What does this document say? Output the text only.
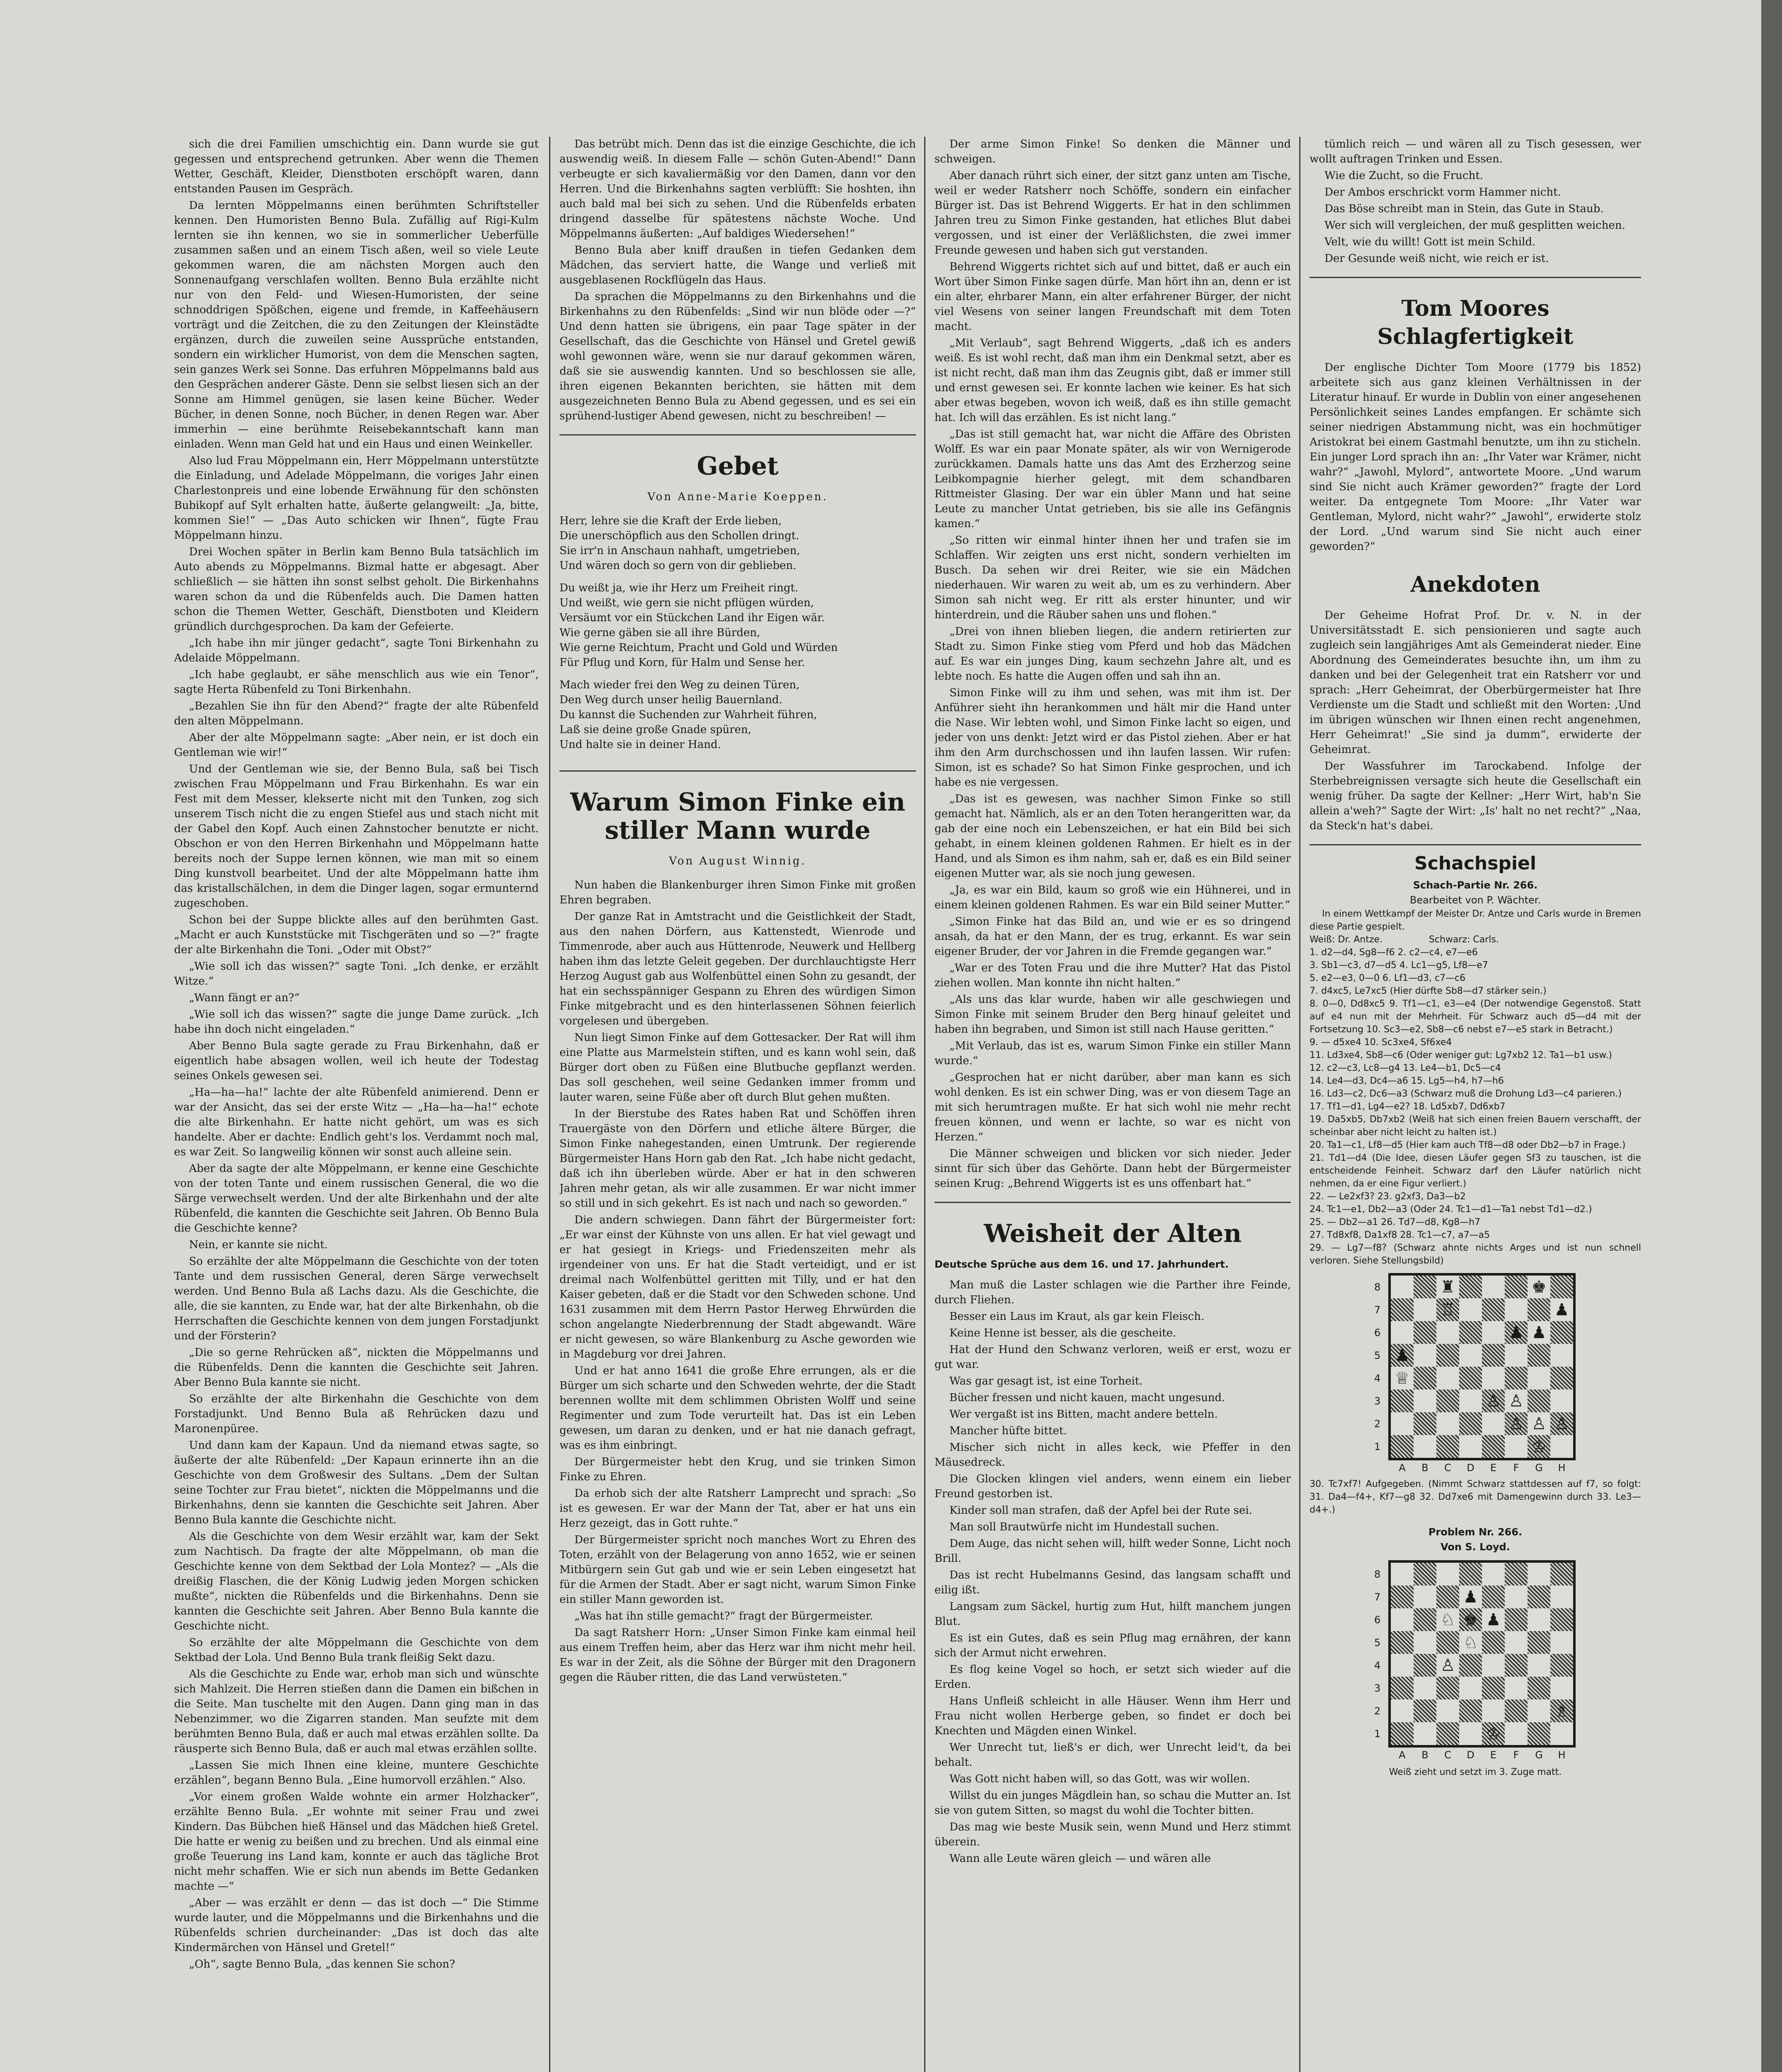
sich die drei Familien umschichtig ein. Dann wurde sie gut gegessen und entsprechend getrunken. Aber wenn die Themen Wetter, Geschäft, Kleider, Dienstboten erschöpft waren, dann entstanden Pausen im Gespräch.

Da lernten Möppelmanns einen berühmten Schriftsteller kennen. Den Humoristen Benno Bula. Zufällig auf Rigi-Kulm lernten sie ihn kennen, wo sie in sommerlicher Ueberfülle zusammen saßen und an einem Tisch aßen, weil so viele Leute gekommen waren, die am nächsten Morgen auch den Sonnenaufgang verschlafen wollten. Benno Bula erzählte nicht nur von den Feld- und Wiesen-Humoristen, der seine schnoddrigen Spößchen, eigene und fremde, in Kaffeehäusern vorträgt und die Zeitchen, die zu den Zeitungen der Kleinstädte ergänzen, durch die zuweilen seine Aussprüche entstanden, sondern ein wirklicher Humorist, von dem die Menschen sagten, sein ganzes Werk sei Sonne. Das erfuhren Möppelmanns bald aus den Gesprächen anderer Gäste. Denn sie selbst liesen sich an der Sonne am Himmel genügen, sie lasen keine Bücher. Weder Bücher, in denen Sonne, noch Bücher, in denen Regen war. Aber immerhin — eine berühmte Reisebekanntschaft kann man einladen. Wenn man Geld hat und ein Haus und einen Weinkeller.

Also lud Frau Möppelmann ein, Herr Möppelmann unterstützte die Einladung, und Adelade Möppelmann, die voriges Jahr einen Charlestonpreis und eine lobende Erwähnung für den schönsten Bubikopf auf Sylt erhalten hatte, äußerte gelangweilt: „Ja, bitte, kommen Sie!“ — „Das Auto schicken wir Ihnen“, fügte Frau Möppelmann hinzu.

Drei Wochen später in Berlin kam Benno Bula tatsächlich im Auto abends zu Möppelmanns. Bizmal hatte er abgesagt. Aber schließlich — sie hätten ihn sonst selbst geholt. Die Birkenhahns waren schon da und die Rübenfelds auch. Die Damen hatten schon die Themen Wetter, Geschäft, Dienstboten und Kleidern gründlich durchgesprochen. Da kam der Gefeierte.

„Ich habe ihn mir jünger gedacht“, sagte Toni Birkenhahn zu Adelaide Möppelmann.

„Ich habe geglaubt, er sähe menschlich aus wie ein Tenor“, sagte Herta Rübenfeld zu Toni Birkenhahn.

„Bezahlen Sie ihn für den Abend?“ fragte der alte Rübenfeld den alten Möppelmann.

Aber der alte Möppelmann sagte: „Aber nein, er ist doch ein Gentleman wie wir!“

Und der Gentleman wie sie, der Benno Bula, saß bei Tisch zwischen Frau Möppelmann und Frau Birkenhahn. Es war ein Fest mit dem Messer, klekserte nicht mit den Tunken, zog sich unserem Tisch nicht die zu engen Stiefel aus und stach nicht mit der Gabel den Kopf. Auch einen Zahnstocher benutzte er nicht. Obschon er von den Herren Birkenhahn und Möppelmann hatte bereits noch der Suppe lernen können, wie man mit so einem Ding kunstvoll bearbeitet. Und der alte Möppelmann hatte ihm das kristallschälchen, in dem die Dinger lagen, sogar ermunternd zugeschoben.

Schon bei der Suppe blickte alles auf den berühmten Gast. „Macht er auch Kunststücke mit Tischgeräten und so —?“ fragte der alte Birkenhahn die Toni. „Oder mit Obst?“

„Wie soll ich das wissen?“ sagte Toni. „Ich denke, er erzählt Witze.“

„Wann fängt er an?“

„Wie soll ich das wissen?“ sagte die junge Dame zurück. „Ich habe ihn doch nicht eingeladen.“

Aber Benno Bula sagte gerade zu Frau Birkenhahn, daß er eigentlich habe absagen wollen, weil ich heute der Todestag seines Onkels gewesen sei.

„Ha—ha—ha!“ lachte der alte Rübenfeld animierend. Denn er war der Ansicht, das sei der erste Witz — „Ha—ha—ha!“ echote die alte Birkenhahn. Er hatte nicht gehört, um was es sich handelte. Aber er dachte: Endlich geht's los. Verdammt noch mal, es war Zeit. So langweilig können wir sonst auch alleine sein.

Aber da sagte der alte Möppelmann, er kenne eine Geschichte von der toten Tante und einem russischen General, die wo die Särge verwechselt werden. Und der alte Birkenhahn und der alte Rübenfeld, die kannten die Geschichte seit Jahren. Ob Benno Bula die Geschichte kenne?

Nein, er kannte sie nicht.

So erzählte der alte Möppelmann die Geschichte von der toten Tante und dem russischen General, deren Särge verwechselt werden. Und Benno Bula aß Lachs dazu. Als die Geschichte, die alle, die sie kannten, zu Ende war, hat der alte Birkenhahn, ob die Herrschaften die Geschichte kennen von dem jungen Forstadjunkt und der Försterin?

„Die so gerne Rehrücken aß“, nickten die Möppelmanns und die Rübenfelds. Denn die kannten die Geschichte seit Jahren. Aber Benno Bula kannte sie nicht.

So erzählte der alte Birkenhahn die Geschichte von dem Forstadjunkt. Und Benno Bula aß Rehrücken dazu und Maronenpüree.

Und dann kam der Kapaun. Und da niemand etwas sagte, so äußerte der alte Rübenfeld: „Der Kapaun erinnerte ihn an die Geschichte von dem Großwesir des Sultans. „Dem der Sultan seine Tochter zur Frau bietet“, nickten die Möppelmanns und die Birkenhahns, denn sie kannten die Geschichte seit Jahren. Aber Benno Bula kannte die Geschichte nicht.

Als die Geschichte von dem Wesir erzählt war, kam der Sekt zum Nachtisch. Da fragte der alte Möppelmann, ob man die Geschichte kenne von dem Sektbad der Lola Montez? — „Als die dreißig Flaschen, die der König Ludwig jeden Morgen schicken mußte“, nickten die Rübenfelds und die Birkenhahns. Denn sie kannten die Geschichte seit Jahren. Aber Benno Bula kannte die Geschichte nicht.

So erzählte der alte Möppelmann die Geschichte von dem Sektbad der Lola. Und Benno Bula trank fleißig Sekt dazu.

Als die Geschichte zu Ende war, erhob man sich und wünschte sich Mahlzeit. Die Herren stießen dann die Damen ein bißchen in die Seite. Man tuschelte mit den Augen. Dann ging man in das Nebenzimmer, wo die Zigarren standen. Man seufzte mit dem berühmten Benno Bula, daß er auch mal etwas erzählen sollte. Da räusperte sich Benno Bula, daß er auch mal etwas erzählen sollte.

„Lassen Sie mich Ihnen eine kleine, muntere Geschichte erzählen“, begann Benno Bula. „Eine humorvoll erzählen.“ Also.

„Vor einem großen Walde wohnte ein armer Holzhacker“, erzählte Benno Bula. „Er wohnte mit seiner Frau und zwei Kindern. Das Bübchen hieß Hänsel und das Mädchen hieß Gretel. Die hatte er wenig zu beißen und zu brechen. Und als einmal eine große Teuerung ins Land kam, konnte er auch das tägliche Brot nicht mehr schaffen. Wie er sich nun abends im Bette Gedanken machte —“

„Aber — was erzählt er denn — das ist doch —“ Die Stimme wurde lauter, und die Möppelmanns und die Birkenhahns und die Rübenfelds schrien durcheinander: „Das ist doch das alte Kindermärchen von Hänsel und Gretel!“

„Oh“, sagte Benno Bula, „das kennen Sie schon?

Das betrübt mich. Denn das ist die einzige Geschichte, die ich auswendig weiß. In diesem Falle — schön Guten-Abend!“ Dann verbeugte er sich kavaliermäßig vor den Damen, dann vor den Herren. Und die Birkenhahns sagten verblüfft: Sie hoshten, ihn auch bald mal bei sich zu sehen. Und die Rübenfelds erbaten dringend dasselbe für spätestens nächste Woche. Und Möppelmanns äußerten: „Auf baldiges Wiedersehen!“

Benno Bula aber kniff draußen in tiefen Gedanken dem Mädchen, das serviert hatte, die Wange und verließ mit ausgeblasenen Rockflügeln das Haus.

Da sprachen die Möppelmanns zu den Birkenhahns und die Birkenhahns zu den Rübenfelds: „Sind wir nun blöde oder —?“ Und denn hatten sie übrigens, ein paar Tage später in der Gesellschaft, das die Geschichte von Hänsel und Gretel gewiß wohl gewonnen wäre, wenn sie nur darauf gekommen wären, daß sie sie auswendig kannten. Und so beschlossen sie alle, ihren eigenen Bekannten berichten, sie hätten mit dem ausgezeichneten Benno Bula zu Abend gegessen, und es sei ein sprühend-lustiger Abend gewesen, nicht zu beschreiben! —

Gebet
Von Anne-Marie Koeppen.

Herr, lehre sie die Kraft der Erde lieben,

Die unerschöpflich aus den Schollen dringt.

Sie irr'n in Anschaun nahhaft, umgetrieben,

Und wären doch so gern von dir geblieben.

Du weißt ja, wie ihr Herz um Freiheit ringt.

Und weißt, wie gern sie nicht pflügen würden,

Versäumt vor ein Stückchen Land ihr Eigen wär.

Wie gerne gäben sie all ihre Bürden,

Wie gerne Reichtum, Pracht und Gold und Würden

Für Pflug und Korn, für Halm und Sense her.

Mach wieder frei den Weg zu deinen Türen,

Den Weg durch unser heilig Bauernland.

Du kannst die Suchenden zur Wahrheit führen,

Laß sie deine große Gnade spüren,

Und halte sie in deiner Hand.

Warum Simon Finke ein stiller Mann wurde
Von August Winnig.

Nun haben die Blankenburger ihren Simon Finke mit großen Ehren begraben.

Der ganze Rat in Amtstracht und die Geistlichkeit der Stadt, aus den nahen Dörfern, aus Kattenstedt, Wienrode und Timmenrode, aber auch aus Hüttenrode, Neuwerk und Hellberg haben ihm das letzte Geleit gegeben. Der durchlauchtigste Herr Herzog August gab aus Wolfenbüttel einen Sohn zu gesandt, der hat ein sechsspänniger Gespann zu Ehren des würdigen Simon Finke mitgebracht und es den hinterlassenen Söhnen feierlich vorgelesen und übergeben.

Nun liegt Simon Finke auf dem Gottesacker. Der Rat will ihm eine Platte aus Marmelstein stiften, und es kann wohl sein, daß Bürger dort oben zu Füßen eine Blutbuche gepflanzt werden. Das soll geschehen, weil seine Gedanken immer fromm und lauter waren, seine Füße aber oft durch Blut gehen mußten.

In der Bierstube des Rates haben Rat und Schöffen ihren Trauergäste von den Dörfern und etliche ältere Bürger, die Simon Finke nahegestanden, einen Umtrunk. Der regierende Bürgermeister Hans Horn gab den Rat. „Ich habe nicht gedacht, daß ich ihn überleben würde. Aber er hat in den schweren Jahren mehr getan, als wir alle zusammen. Er war nicht immer so still und in sich gekehrt. Es ist nach und nach so geworden.“

Die andern schwiegen. Dann fährt der Bürgermeister fort: „Er war einst der Kühnste von uns allen. Er hat viel gewagt und er hat gesiegt in Kriegs- und Friedenszeiten mehr als irgendeiner von uns. Er hat die Stadt verteidigt, und er ist dreimal nach Wolfenbüttel geritten mit Tilly, und er hat den Kaiser gebeten, daß er die Stadt vor den Schweden schone. Und 1631 zusammen mit dem Herrn Pastor Herweg Ehrwürden die schon angelangte Niederbrennung der Stadt abgewandt. Wäre er nicht gewesen, so wäre Blankenburg zu Asche geworden wie in Magdeburg vor drei Jahren.

Und er hat anno 1641 die große Ehre errungen, als er die Bürger um sich scharte und den Schweden wehrte, der die Stadt berennen wollte mit dem schlimmen Obristen Wolff und seine Regimenter und zum Tode verurteilt hat. Das ist ein Leben gewesen, um daran zu denken, und er hat nie danach gefragt, was es ihm einbringt.

Der Bürgermeister hebt den Krug, und sie trinken Simon Finke zu Ehren.

Da erhob sich der alte Ratsherr Lamprecht und sprach: „So ist es gewesen. Er war der Mann der Tat, aber er hat uns ein Herz gezeigt, das in Gott ruhte.“

Der Bürgermeister spricht noch manches Wort zu Ehren des Toten, erzählt von der Belagerung von anno 1652, wie er seinen Mitbürgern sein Gut gab und wie er sein Leben eingesetzt hat für die Armen der Stadt. Aber er sagt nicht, warum Simon Finke ein stiller Mann geworden ist.

„Was hat ihn stille gemacht?“ fragt der Bürgermeister.

Da sagt Ratsherr Horn: „Unser Simon Finke kam einmal heil aus einem Treffen heim, aber das Herz war ihm nicht mehr heil. Es war in der Zeit, als die Söhne der Bürger mit den Dragonern gegen die Räuber ritten, die das Land verwüsteten.“

Der arme Simon Finke! So denken die Männer und schweigen.

Aber danach rührt sich einer, der sitzt ganz unten am Tische, weil er weder Ratsherr noch Schöffe, sondern ein einfacher Bürger ist. Das ist Behrend Wiggerts. Er hat in den schlimmen Jahren treu zu Simon Finke gestanden, hat etliches Blut dabei vergossen, und ist einer der Verläßlichsten, die zwei immer Freunde gewesen und haben sich gut verstanden.

Behrend Wiggerts richtet sich auf und bittet, daß er auch ein Wort über Simon Finke sagen dürfe. Man hört ihn an, denn er ist ein alter, ehrbarer Mann, ein alter erfahrener Bürger, der nicht viel Wesens von seiner langen Freundschaft mit dem Toten macht.

„Mit Verlaub“, sagt Behrend Wiggerts, „daß ich es anders weiß. Es ist wohl recht, daß man ihm ein Denkmal setzt, aber es ist nicht recht, daß man ihm das Zeugnis gibt, daß er immer still und ernst gewesen sei. Er konnte lachen wie keiner. Es hat sich aber etwas begeben, wovon ich weiß, daß es ihn stille gemacht hat. Ich will das erzählen. Es ist nicht lang.“

„Das ist still gemacht hat, war nicht die Affäre des Obristen Wolff. Es war ein paar Monate später, als wir von Wernigerode zurückkamen. Damals hatte uns das Amt des Erzherzog seine Leibkompagnie hierher gelegt, mit dem schandbaren Rittmeister Glasing. Der war ein übler Mann und hat seine Leute zu mancher Untat getrieben, bis sie alle ins Gefängnis kamen.“

„So ritten wir einmal hinter ihnen her und trafen sie im Schlaffen. Wir zeigten uns erst nicht, sondern verhielten im Busch. Da sehen wir drei Reiter, wie sie ein Mädchen niederhauen. Wir waren zu weit ab, um es zu verhindern. Aber Simon sah nicht weg. Er ritt als erster hinunter, und wir hinterdrein, und die Räuber sahen uns und flohen.“

„Drei von ihnen blieben liegen, die andern retirierten zur Stadt zu. Simon Finke stieg vom Pferd und hob das Mädchen auf. Es war ein junges Ding, kaum sechzehn Jahre alt, und es lebte noch. Es hatte die Augen offen und sah ihn an.

Simon Finke will zu ihm und sehen, was mit ihm ist. Der Anführer sieht ihn herankommen und hält mir die Hand unter die Nase. Wir lebten wohl, und Simon Finke lacht so eigen, und jeder von uns denkt: Jetzt wird er das Pistol ziehen. Aber er hat ihm den Arm durchschossen und ihn laufen lassen. Wir rufen: Simon, ist es schade? So hat Simon Finke gesprochen, und ich habe es nie vergessen.

„Das ist es gewesen, was nachher Simon Finke so still gemacht hat. Nämlich, als er an den Toten herangeritten war, da gab der eine noch ein Lebenszeichen, er hat ein Bild bei sich gehabt, in einem kleinen goldenen Rahmen. Er hielt es in der Hand, und als Simon es ihm nahm, sah er, daß es ein Bild seiner eigenen Mutter war, als sie noch jung gewesen.

„Ja, es war ein Bild, kaum so groß wie ein Hühnerei, und in einem kleinen goldenen Rahmen. Es war ein Bild seiner Mutter.“

„Simon Finke hat das Bild an, und wie er es so dringend ansah, da hat er den Mann, der es trug, erkannt. Es war sein eigener Bruder, der vor Jahren in die Fremde gegangen war.“

„War er des Toten Frau und die ihre Mutter? Hat das Pistol ziehen wollen. Man konnte ihn nicht halten.“

„Als uns das klar wurde, haben wir alle geschwiegen und Simon Finke mit seinem Bruder den Berg hinauf geleitet und haben ihn begraben, und Simon ist still nach Hause geritten.“

„Mit Verlaub, das ist es, warum Simon Finke ein stiller Mann wurde.“

„Gesprochen hat er nicht darüber, aber man kann es sich wohl denken. Es ist ein schwer Ding, was er von diesem Tage an mit sich herumtragen mußte. Er hat sich wohl nie mehr recht freuen können, und wenn er lachte, so war es nicht von Herzen.“

Die Männer schweigen und blicken vor sich nieder. Jeder sinnt für sich über das Gehörte. Dann hebt der Bürgermeister seinen Krug: „Behrend Wiggerts ist es uns offenbart hat.“

Weisheit der Alten
Deutsche Sprüche aus dem 16. und 17. Jahrhundert.

Man muß die Laster schlagen wie die Parther ihre Feinde, durch Fliehen.

Besser ein Laus im Kraut, als gar kein Fleisch.

Keine Henne ist besser, als die gescheite.

Hat der Hund den Schwanz verloren, weiß er erst, wozu er gut war.

Was gar gesagt ist, ist eine Torheit.

Bücher fressen und nicht kauen, macht ungesund.

Wer vergaßt ist ins Bitten, macht andere betteln.

Mancher hüfte bittet.

Mischer sich nicht in alles keck, wie Pfeffer in den Mäusedreck.

Die Glocken klingen viel anders, wenn einem ein lieber Freund gestorben ist.

Kinder soll man strafen, daß der Apfel bei der Rute sei.

Man soll Brautwürfe nicht im Hundestall suchen.

Dem Auge, das nicht sehen will, hilft weder Sonne, Licht noch Brill.

Das ist recht Hubelmanns Gesind, das langsam schafft und eilig ißt.

Langsam zum Säckel, hurtig zum Hut, hilft manchem jungen Blut.

Es ist ein Gutes, daß es sein Pflug mag ernähren, der kann sich der Armut nicht erwehren.

Es flog keine Vogel so hoch, er setzt sich wieder auf die Erden.

Hans Unfleiß schleicht in alle Häuser. Wenn ihm Herr und Frau nicht wollen Herberge geben, so findet er doch bei Knechten und Mägden einen Winkel.

Wer Unrecht tut, ließ's er dich, wer Unrecht leid't, da bei behalt.

Was Gott nicht haben will, so das Gott, was wir wollen.

Willst du ein junges Mägdlein han, so schau die Mutter an. Ist sie von gutem Sitten, so magst du wohl die Tochter bitten.

Das mag wie beste Musik sein, wenn Mund und Herz stimmt überein.

Wann alle Leute wären gleich — und wären alle

tümlich reich — und wären all zu Tisch gesessen, wer wollt auftragen Trinken und Essen.

Wie die Zucht, so die Frucht.

Der Ambos erschrickt vorm Hammer nicht.

Das Böse schreibt man in Stein, das Gute in Staub.

Wer sich will vergleichen, der muß gesplitten weichen.

Velt, wie du willt! Gott ist mein Schild.

Der Gesunde weiß nicht, wie reich er ist.

Tom Moores Schlagfertigkeit

Der englische Dichter Tom Moore (1779 bis 1852) arbeitete sich aus ganz kleinen Verhältnissen in der Literatur hinauf. Er wurde in Dublin von einer angesehenen Persönlichkeit seines Landes empfangen. Er schämte sich seiner niedrigen Abstammung nicht, was ein hochmütiger Aristokrat bei einem Gastmahl benutzte, um ihn zu sticheln. Ein junger Lord sprach ihn an: „Ihr Vater war Krämer, nicht wahr?“ „Jawohl, Mylord“, antwortete Moore. „Und warum sind Sie nicht auch Krämer geworden?“ fragte der Lord weiter. Da entgegnete Tom Moore: „Ihr Vater war Gentleman, Mylord, nicht wahr?“ „Jawohl“, erwiderte stolz der Lord. „Und warum sind Sie nicht auch einer geworden?“

Anekdoten

Der Geheime Hofrat Prof. Dr. v. N. in der Universitätsstadt E. sich pensionieren und sagte auch zugleich sein langjähriges Amt als Gemeinderat nieder. Eine Abordnung des Gemeinderates besuchte ihn, um ihm zu danken und bei der Gelegenheit trat ein Ratsherr vor und sprach: „Herr Geheimrat, der Oberbürgermeister hat Ihre Verdienste um die Stadt und schließt mit den Worten: ,Und im übrigen wünschen wir Ihnen einen recht angenehmen, Herr Geheimrat!' „Sie sind ja dumm“, erwiderte der Geheimrat.

Der Wassfuhrer im Tarockabend. Infolge der Sterbebreignissen versagte sich heute die Gesellschaft ein wenig früher. Da sagte der Kellner: „Herr Wirt, hab'n Sie allein a'weh?“ Sagte der Wirt: „Is' halt no net recht?“ „Naa, da Steck'n hat's dabei.

Schachspiel
Schach-Partie Nr. 266.
Bearbeitet von P. Wächter.

In einem Wettkampf der Meister Dr. Antze und Carls wurde in Bremen diese Partie gespielt.

Weiß: Dr. Antze.                Schwarz: Carls.

1. d2—d4, Sg8—f6 2. c2—c4, e7—e6

3. Sb1—c3, d7—d5 4. Lc1—g5, Lf8—e7

5. e2—e3, 0—0 6. Lf1—d3, c7—c6

7. d4xc5, Le7xc5 (Hier dürfte Sb8—d7 stärker sein.)

8. 0—0, Dd8xc5 9. Tf1—c1, e3—e4 (Der notwendige Gegenstoß. Statt auf e4 nun mit der Mehrheit. Für Schwarz auch d5—d4 mit der Fortsetzung 10. Sc3—e2, Sb8—c6 nebst e7—e5 stark in Betracht.)

9. — d5xe4 10. Sc3xe4, Sf6xe4

11. Ld3xe4, Sb8—c6 (Oder weniger gut: Lg7xb2 12. Ta1—b1 usw.)

12. c2—c3, Lc8—g4 13. Le4—b1, Dc5—c4

14. Le4—d3, Dc4—a6 15. Lg5—h4, h7—h6

16. Ld3—c2, Dc6—a3 (Schwarz muß die Drohung Ld3—c4 parieren.)

17. Tf1—d1, Lg4—e2? 18. Ld5xb7, Dd6xb7

19. Da5xb5, Db7xb2 (Weiß hat sich einen freien Bauern verschafft, der scheinbar aber nicht leicht zu halten ist.)

20. Ta1—c1, Lf8—d5 (Hier kam auch Tf8—d8 oder Db2—b7 in Frage.)

21. Td1—d4 (Die Idee, diesen Läufer gegen Sf3 zu tauschen, ist die entscheidende Feinheit. Schwarz darf den Läufer natürlich nicht nehmen, da er eine Figur verliert.)

22. — Le2xf3? 23. g2xf3, Da3—b2

24. Tc1—e1, Db2—a3 (Oder 24. Tc1—d1—Ta1 nebst Td1—d2.)

25. — Db2—a1 26. Td7—d8, Kg8—h7

27. Td8xf8, Da1xf8 28. Tc1—c7, a7—a5

29. — Lg7—f8? (Schwarz ahnte nichts Arges und ist nun schnell verloren. Siehe Stellungsbild)

8
7
6
5
4
3
2
1
♜	♚
♖	♟
♟ ♟
♟
♕
♙ ♙
♙ ♙ ♙
♔
A	B	C	D	E	F	G	H

30. Tc7xf7! Aufgegeben. (Nimmt Schwarz stattdessen auf f7, so folgt: 31. Da4—f4+, Kf7—g8 32. Dd7xe6 mit Damengewinn durch 33. Le3—d4+.)

Problem Nr. 266.
Von S. Loyd.
8
7
6
5
4
3
2
1
♟
♘ ♚ ♟
♘
♙
♗
♔
A	B	C	D	E	F	G	H
Weiß zieht und setzt im 3. Zuge matt.
